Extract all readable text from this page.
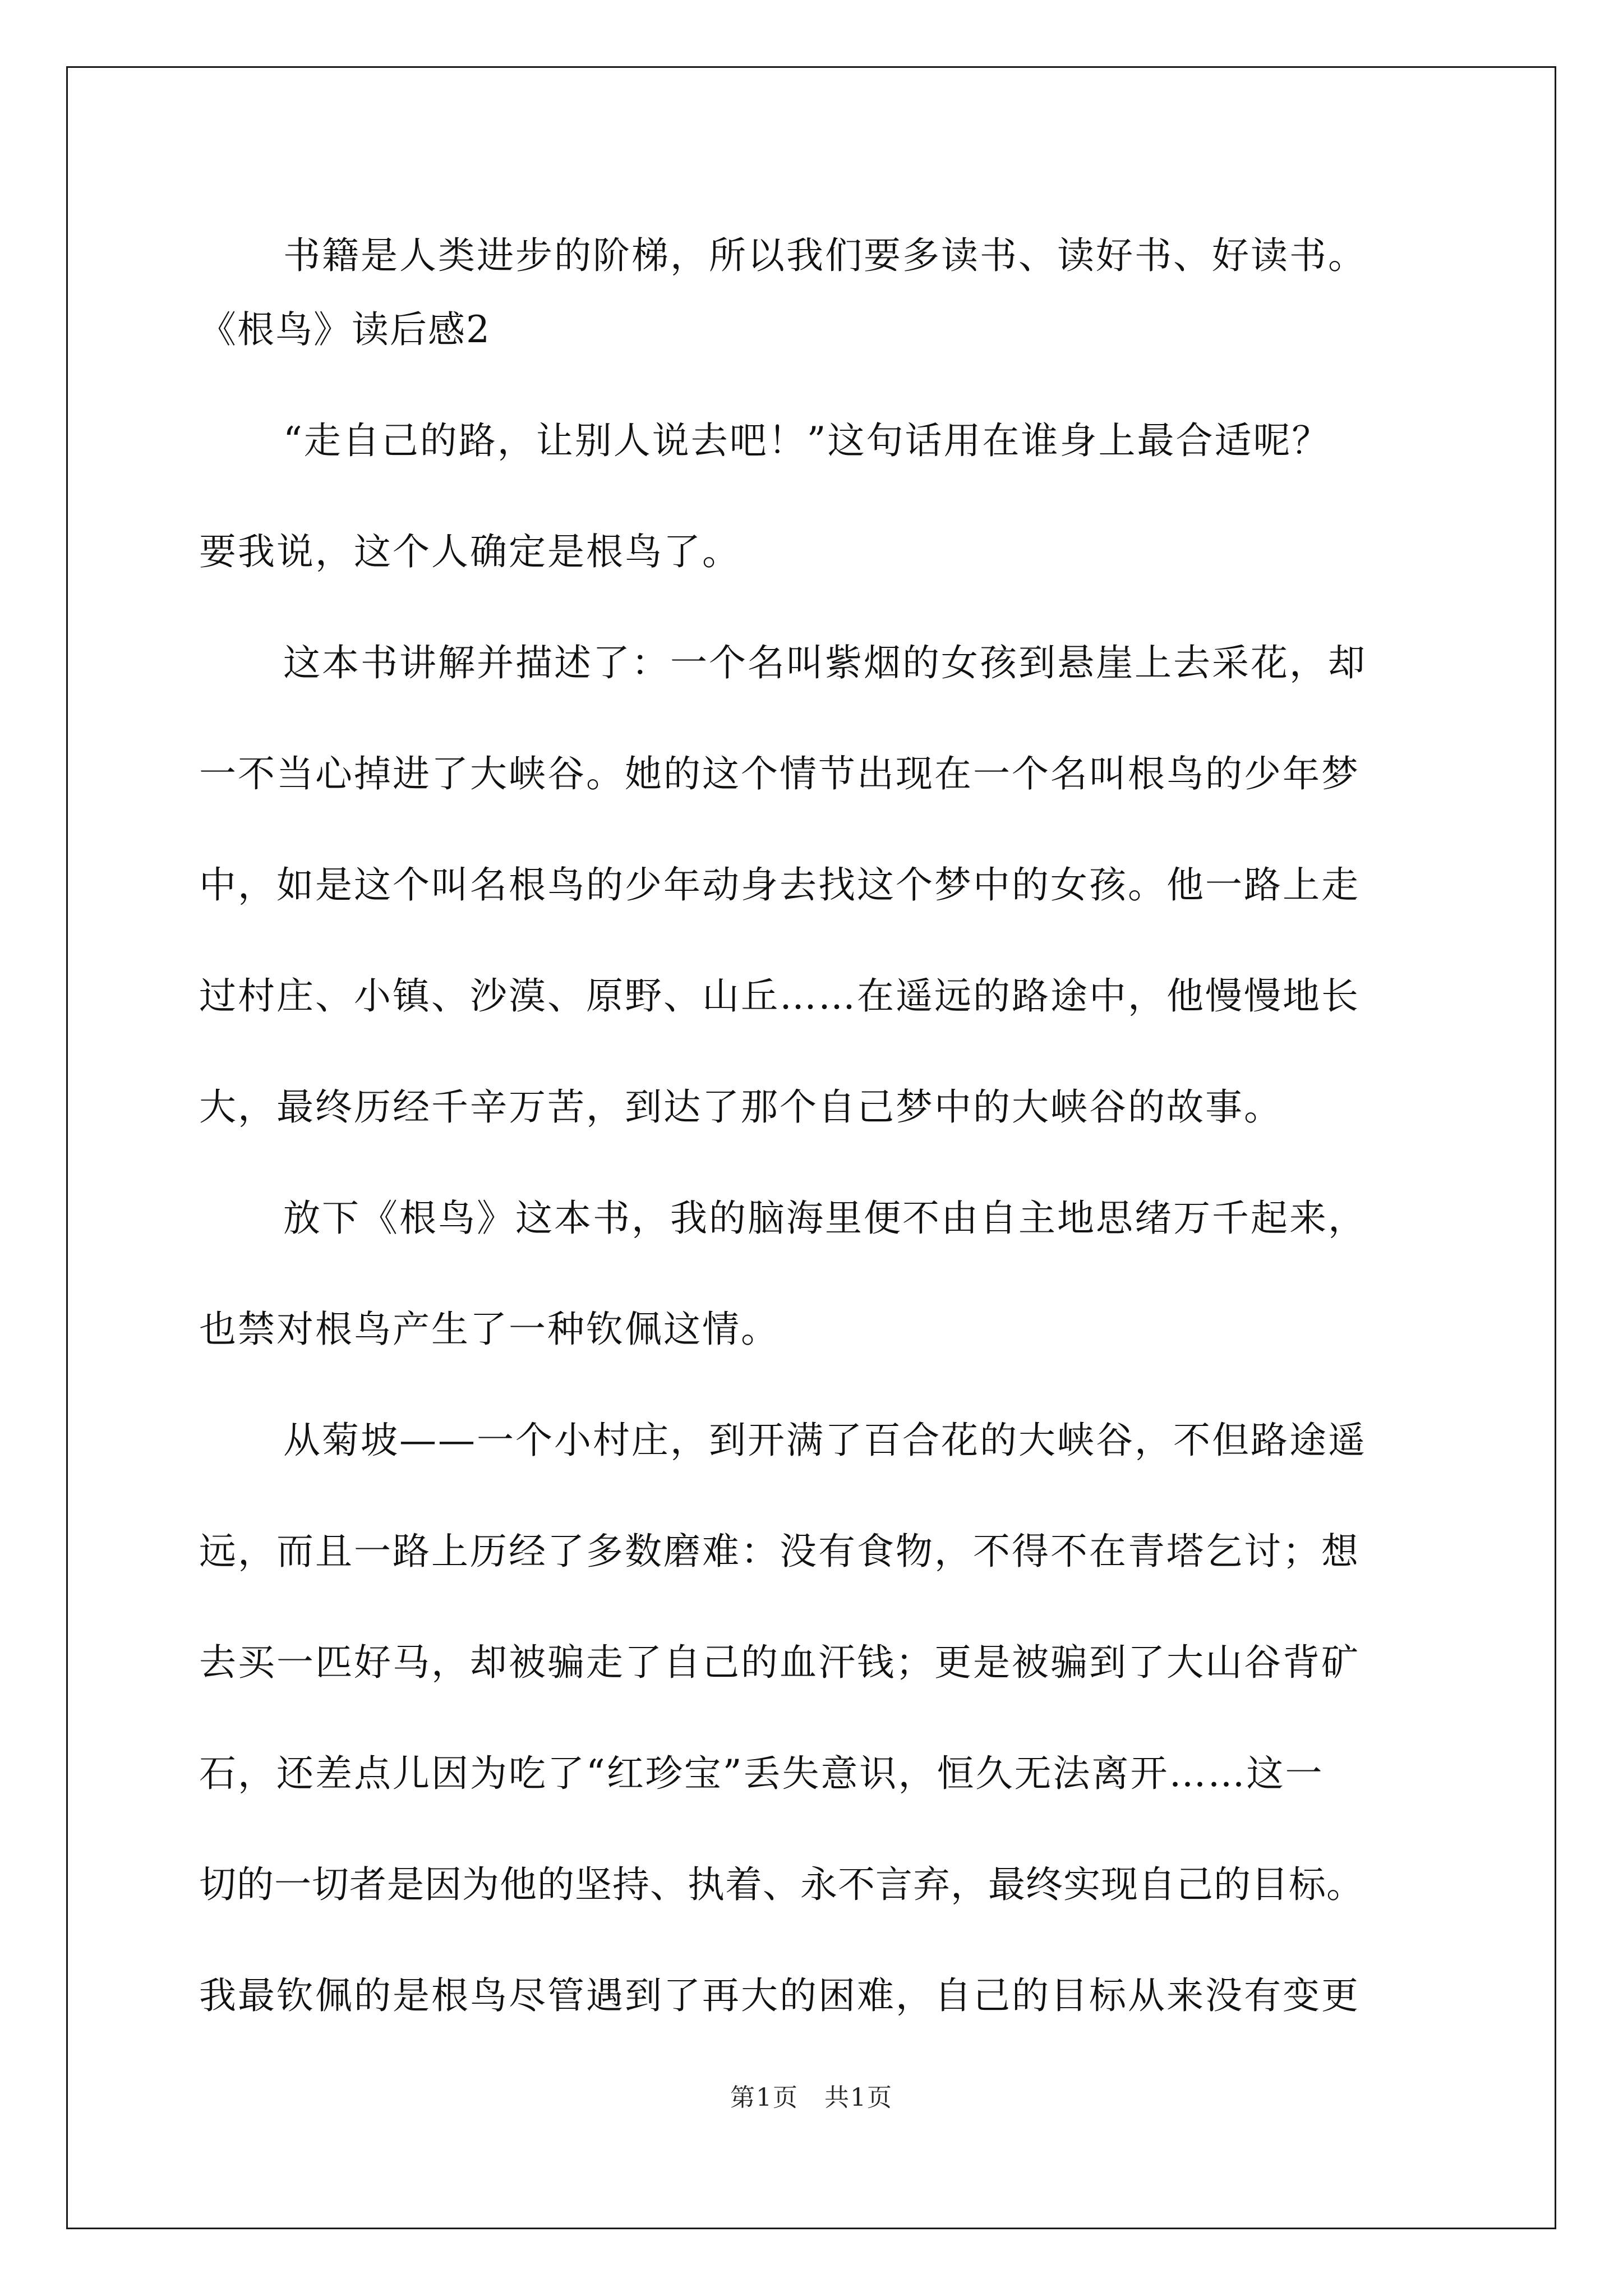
书籍是人类进步的阶梯，所以我们要多读书、读好书、好读书。
《根鸟》读后感2
“走自己的路，让别人说去吧！”这句话用在谁身上最合适呢？
要我说，这个人确定是根鸟了。
这本书讲解并描述了：一个名叫紫烟的女孩到悬崖上去采花，却
一不当心掉进了大峡谷。她的这个情节出现在一个名叫根鸟的少年梦
中，如是这个叫名根鸟的少年动身去找这个梦中的女孩。他一路上走
过村庄、小镇、沙漠、原野、山丘……在遥远的路途中，他慢慢地长
大，最终历经千辛万苦，到达了那个自己梦中的大峡谷的故事。
放下《根鸟》这本书，我的脑海里便不由自主地思绪万千起来，
也禁对根鸟产生了一种钦佩这情。
从菊坡——一个小村庄，到开满了百合花的大峡谷，不但路途遥
远，而且一路上历经了多数磨难：没有食物，不得不在青塔乞讨；想
去买一匹好马，却被骗走了自己的血汗钱；更是被骗到了大山谷背矿
石，还差点儿因为吃了“红珍宝”丢失意识，恒久无法离开……这一
切的一切者是因为他的坚持、执着、永不言弃，最终实现自己的目标。
我最钦佩的是根鸟尽管遇到了再大的困难，自己的目标从来没有变更
第1页　共1页
